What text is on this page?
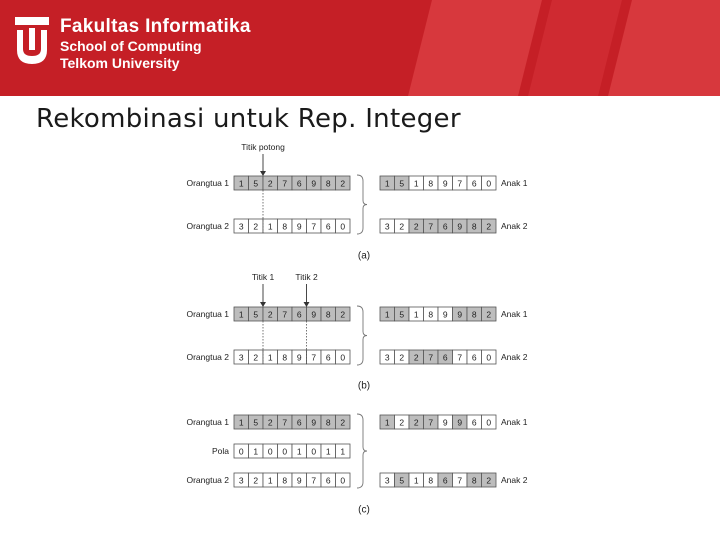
Fakultas Informatika
School of Computing
Telkom University
Rekombinasi untuk Rep. Integer
Orangtua 1 1 5 2 7 6 9 8 2	1 5 1 8 9 7 6 0 Anak 1
Orangtua 2 3 2 1 8 9 7 6 0	3 2 2 7 6 9 8 2 Anak 2
(a)
Titik potong
Orangtua 1 1 5 2 7 6 9 8 2	1 5 1 8 9 9 8 2 Anak 1
Orangtua 2 3 2 1 8 9 7 6 0	3 2 2 7 6 7 6 0 Anak 2
(b)
Titik 1 Titik 2
Orangtua 1 1 5 2 7 6 9 8 2	1 2 2 7 9 9 6 0 Anak 1
Pola 0 1 0 0 1 0 1 1
Orangtua 2 3 2 1 8 9 7 6 0	3 5 1 8 6 7 8 2 Anak 2
(c)
